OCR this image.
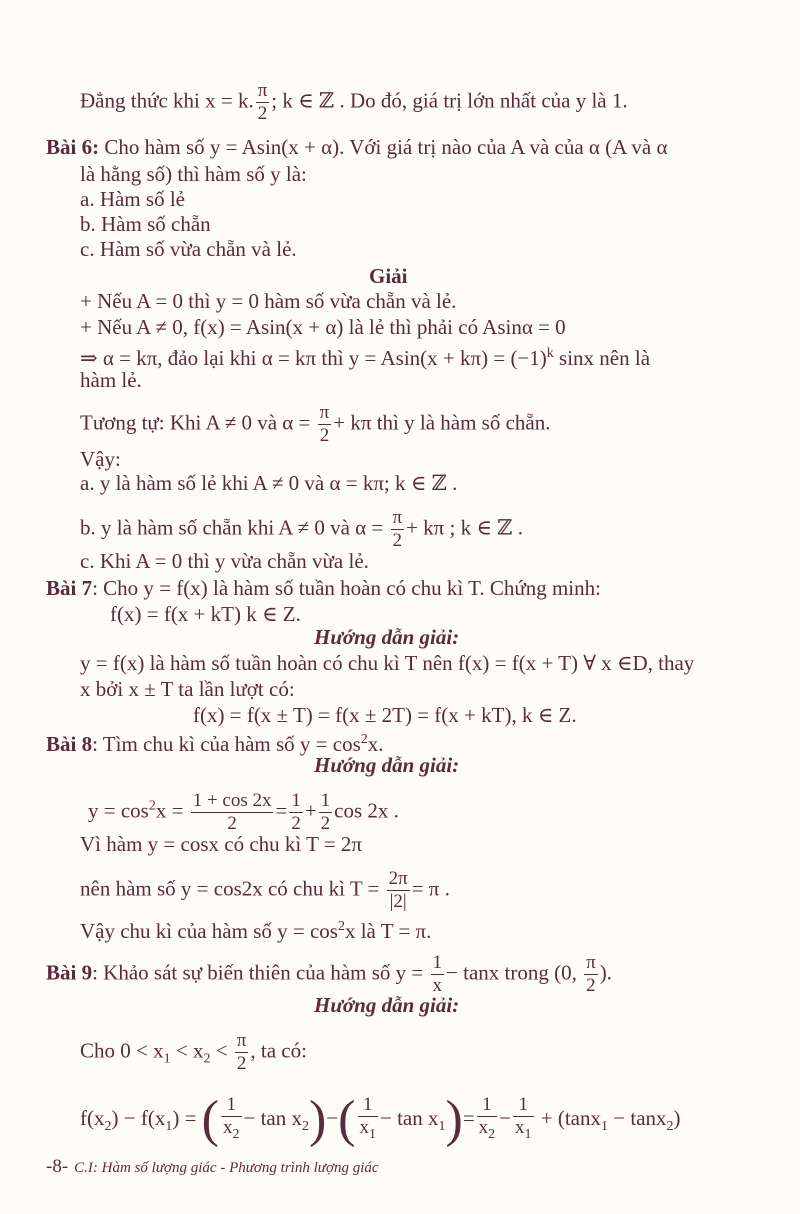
Đẳng thức khi x = k. $\frac{\pi}{2}$ ; k ∈ ℤ . Do đó, giá trị lớn nhất của y là 1.
Bài 6: Cho hàm số y = Asin(x + α). Với giá trị nào của A và của α (A và α
là hằng số) thì hàm số y là:
a. Hàm số lẻ
b. Hàm số chẵn
c. Hàm số vừa chẵn và lẻ.
Giải
+ Nếu A = 0 thì y = 0 hàm số vừa chẵn và lẻ.
+ Nếu A ≠ 0, f(x) = Asin(x + α) là lẻ thì phải có Asinα = 0
⇒ α = kπ, đảo lại khi α = kπ thì $y = Asin(x + k\pi) = (-1)^k$ sinx nên là
hàm lẻ.
Tương tự: Khi A ≠ 0 và $\alpha = \frac{\pi}{2} + k\pi$ thì y là hàm số chẵn.
Vậy:
a. y là hàm số lẻ khi A ≠ 0 và α = kπ; k ∈ ℤ .
b. y là hàm số chẵn khi A ≠ 0 và $\alpha = \frac{\pi}{2} + k\pi$ ; k ∈ ℤ .
c. Khi A = 0 thì y vừa chẵn vừa lẻ.
Bài 7: Cho y = f(x) là hàm số tuần hoàn có chu kì T. Chứng minh:
f(x) = f(x + kT) k ∈ Z.
Hướng dẫn giải:
y = f(x) là hàm số tuần hoàn có chu kì T nên f(x) = f(x + T) ∀ x ∈D, thay
x bởi x ± T ta lần lượt có:
f(x) = f(x ± T) = f(x ± 2T) = f(x + kT), k ∈ Z.
Bài 8: Tìm chu kì của hàm số $y = \cos^2x$.
Hướng dẫn giải:
$y = \cos^2x = \frac{1 + \cos 2x}{2} = \frac{1}{2} + \frac{1}{2}$ cos 2x .
Vì hàm y = cosx có chu kì T = 2π
nên hàm số y = cos2x có chu kì $T = \frac{2\pi}{|2|} = \pi$ .
Vậy chu kì của hàm số $y = \cos^2x$ là T = π.
Bài 9: Khảo sát sự biến thiên của hàm số $y = \frac{1}{x} - \tan x$ trong (0, $\frac{\pi}{2}$ ).
Hướng dẫn giải:
Cho $0 < x_1 < x_2 < \frac{\pi}{2}$ , ta có:
$f(x_2) - f(x_1)$ = ( $\frac{1}{x_2} - \tan x_2)-( \frac{1}{x_1} - \tan x_1)= \frac{1}{x_2} - \frac{1}{x_1} + (\tan x_1 - \tan x_2)$
-8- C.I: Hàm số lượng giác - Phương trình lượng giác
